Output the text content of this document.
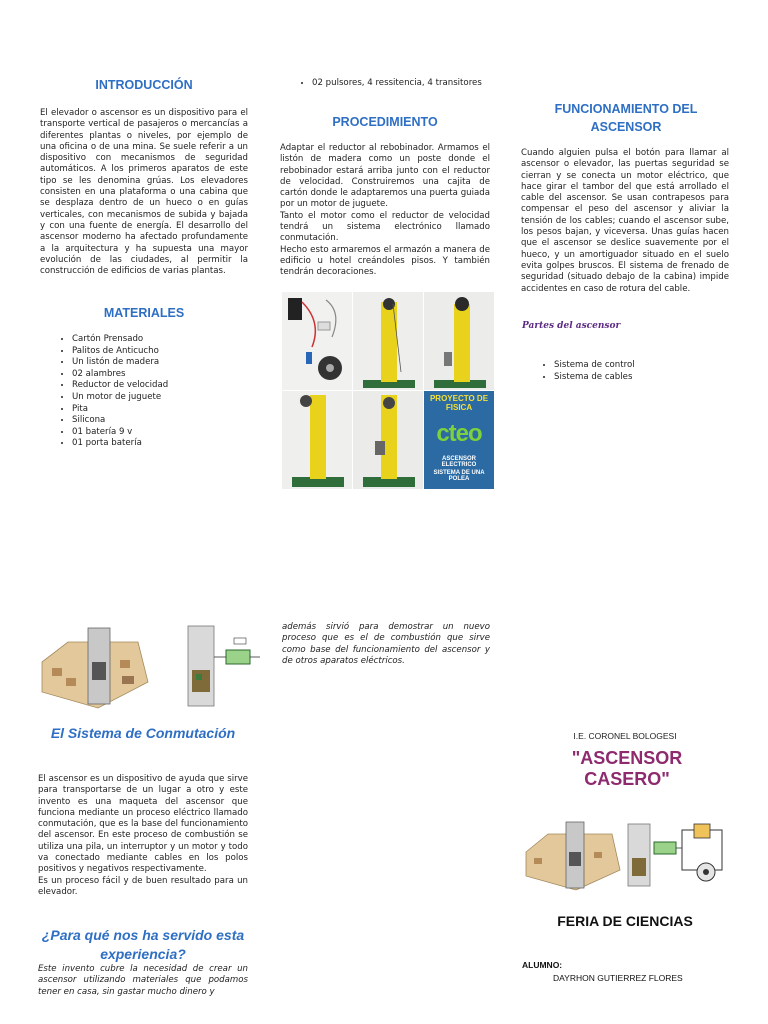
INTRODUCCIÓN
El elevador o ascensor es un dispositivo para el transporte vertical de pasajeros o mercancías a diferentes plantas o niveles, por ejemplo de una oficina o de una mina. Se suele referir a un dispositivo con mecanismos de seguridad automáticos. A los primeros aparatos de este tipo se les denomina grúas. Los elevadores consisten en una plataforma o una cabina que se desplaza dentro de un hueco o en guías verticales, con mecanismos de subida y bajada y con una fuente de energía. El desarrollo del ascensor moderno ha afectado profundamente a la arquitectura y ha supuesta una mayor evolución de las ciudades, al permitir la construcción de edificios de varias plantas.
MATERIALES
• Cartón Prensado
• Palitos de Anticucho
• Un listón de madera
• 02 alambres
• Reductor de velocidad
• Un motor de juguete
• Pita
• Silicona
• 01 batería 9 v
• 01 porta batería
• 02 pulsores, 4 ressitencia, 4 transitores
PROCEDIMIENTO
Adaptar el reductor al rebobinador. Armamos el listón de madera como un poste donde el rebobinador estará arriba junto con el reductor de velocidad. Construiremos una cajita de cartón donde le adaptaremos una puerta guiada por un motor de juguete.
Tanto el motor como el reductor de velocidad tendrá un sistema electrónico llamado conmutación.
Hecho esto armaremos el armazón a manera de edificio u hotel creándoles pisos. Y también tendrán decoraciones.
PROYECTO DE FISICA
cteo
ASCENSOR ELECTRICO
SISTEMA DE UNA POLEA
FUNCIONAMIENTO DEL ASCENSOR
Cuando alguien pulsa el botón para llamar al ascensor o elevador, las puertas seguridad se cierran y se conecta un motor eléctrico, que hace girar el tambor del que está arrollado el cable del ascensor. Se usan contrapesos para compensar el peso del ascensor y aliviar la tensión de los cables; cuando el ascensor sube, los pesos bajan, y viceversa. Unas guías hacen que el ascensor se deslice suavemente por el hueco, y un amortiguador situado en el suelo evita golpes bruscos. El sistema de frenado de seguridad (situado debajo de la cabina) impide accidentes en caso de rotura del cable.
Partes del ascensor
• Sistema de control
• Sistema de cables
El Sistema de Conmutación
El ascensor es un dispositivo de ayuda que sirve para transportarse de un lugar a otro y este invento es una maqueta del ascensor que funciona mediante un proceso eléctrico llamado conmutación, que es la base del funcionamiento del ascensor. En este proceso de combustión se utiliza una pila, un interruptor y un motor y todo va conectado mediante cables en los polos positivos y negativos respectivamente.
Es un proceso fácil y de buen resultado para un elevador.
¿Para qué nos ha servido esta experiencia?
Este invento cubre la necesidad de crear un ascensor utilizando materiales que podamos tener en casa, sin gastar mucho dinero y
además sirvió para demostrar un nuevo proceso que es el de combustión que sirve como base del funcionamiento del ascensor y de otros aparatos eléctricos.
I.E. CORONEL BOLOGESI
"ASCENSOR CASERO"
FERIA DE CIENCIAS
ALUMNO:
DAYRHON GUTIERREZ FLORES
